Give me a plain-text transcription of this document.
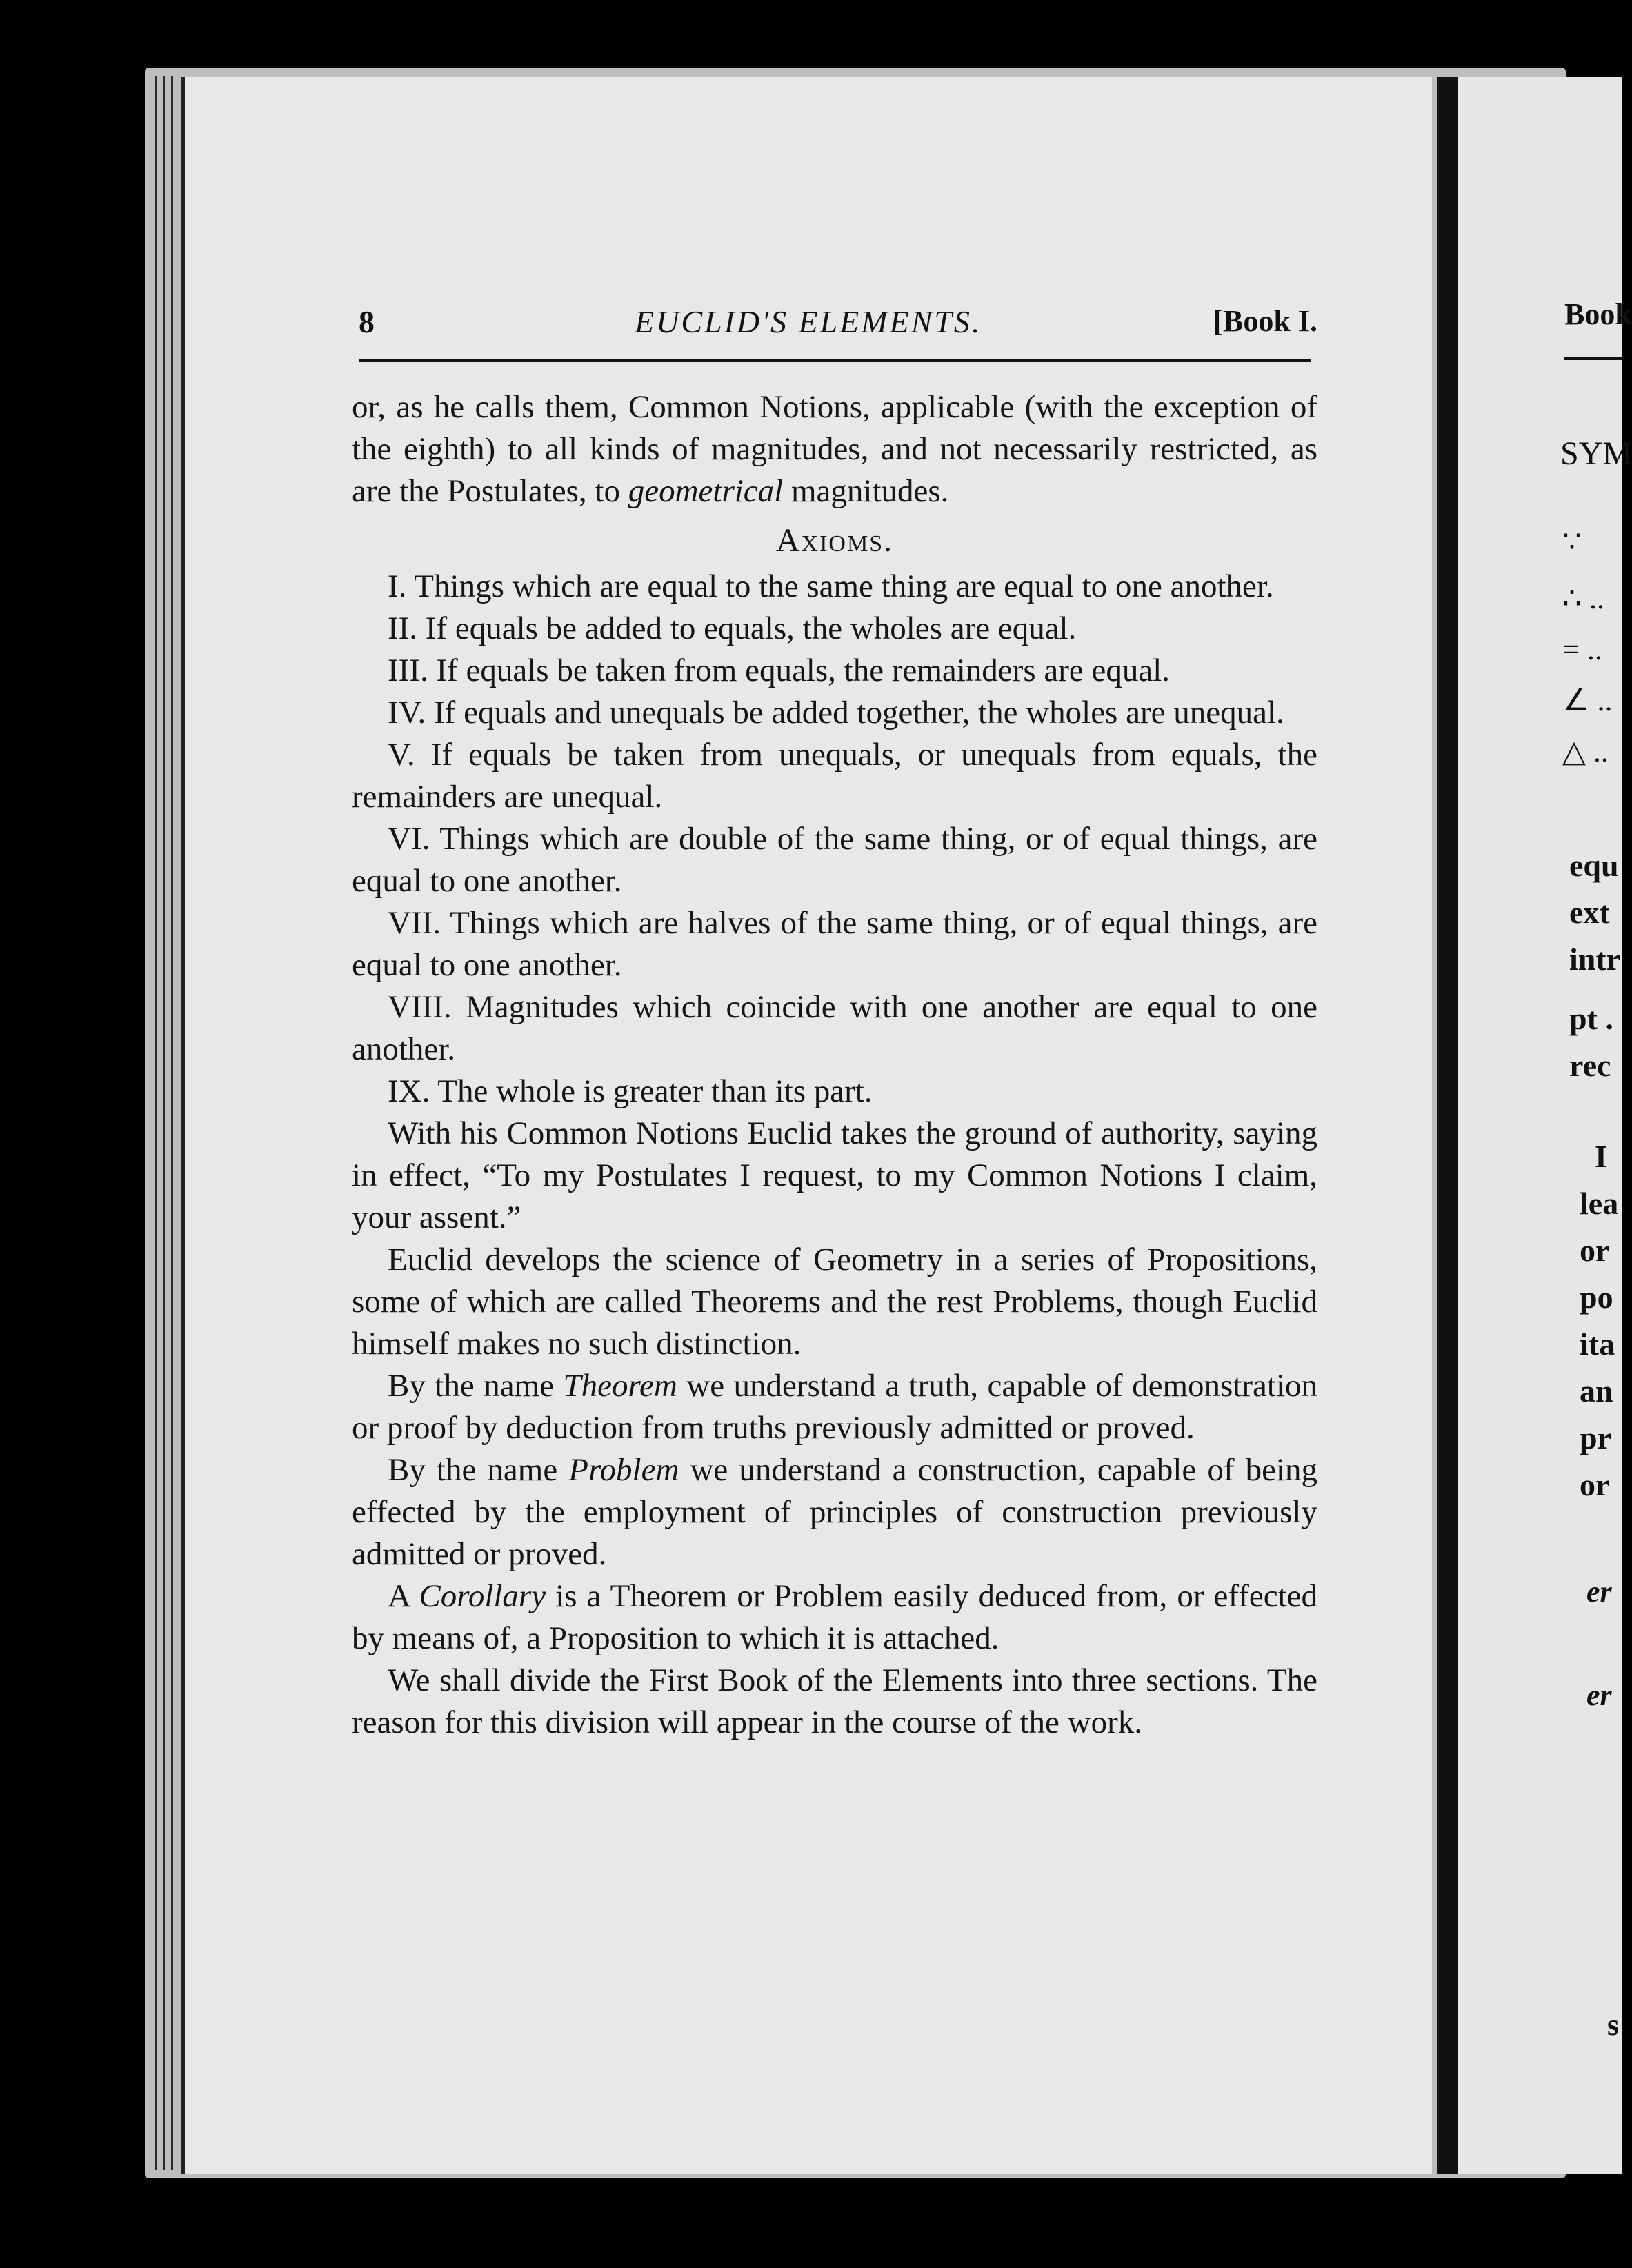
8	EUCLID'S ELEMENTS.	[Book I.

or, as he calls them, Common Notions, applicable (with the exception of the eighth) to all kinds of magnitudes, and not necessarily restricted, as are the Postulates, to geometrical magnitudes.

Axioms.

I. Things which are equal to the same thing are equal to one another.

II. If equals be added to equals, the wholes are equal.

III. If equals be taken from equals, the remainders are equal.

IV. If equals and unequals be added together, the wholes are unequal.

V. If equals be taken from unequals, or unequals from equals, the remainders are unequal.

VI. Things which are double of the same thing, or of equal things, are equal to one another.

VII. Things which are halves of the same thing, or of equal things, are equal to one another.

VIII. Magnitudes which coincide with one another are equal to one another.

IX. The whole is greater than its part.

With his Common Notions Euclid takes the ground of authority, saying in effect, “To my Postulates I request, to my Common Notions I claim, your assent.”

Euclid develops the science of Geometry in a series of Propositions, some of which are called Theorems and the rest Problems, though Euclid himself makes no such distinction.

By the name Theorem we understand a truth, capable of demonstration or proof by deduction from truths previously admitted or proved.

By the name Problem we understand a construction, capable of being effected by the employment of principles of construction previously admitted or proved.

A Corollary is a Theorem or Problem easily deduced from, or effected by means of, a Proposition to which it is attached.

We shall divide the First Book of the Elements into three sections. The reason for this division will appear in the course of the work.

Book
SYM
∵
∴ ..
= ..
∠ ..
△ ..
equ
ext
intr
pt .
rec
I
lea
or
po
ita
an
pr
or
er
er
s
